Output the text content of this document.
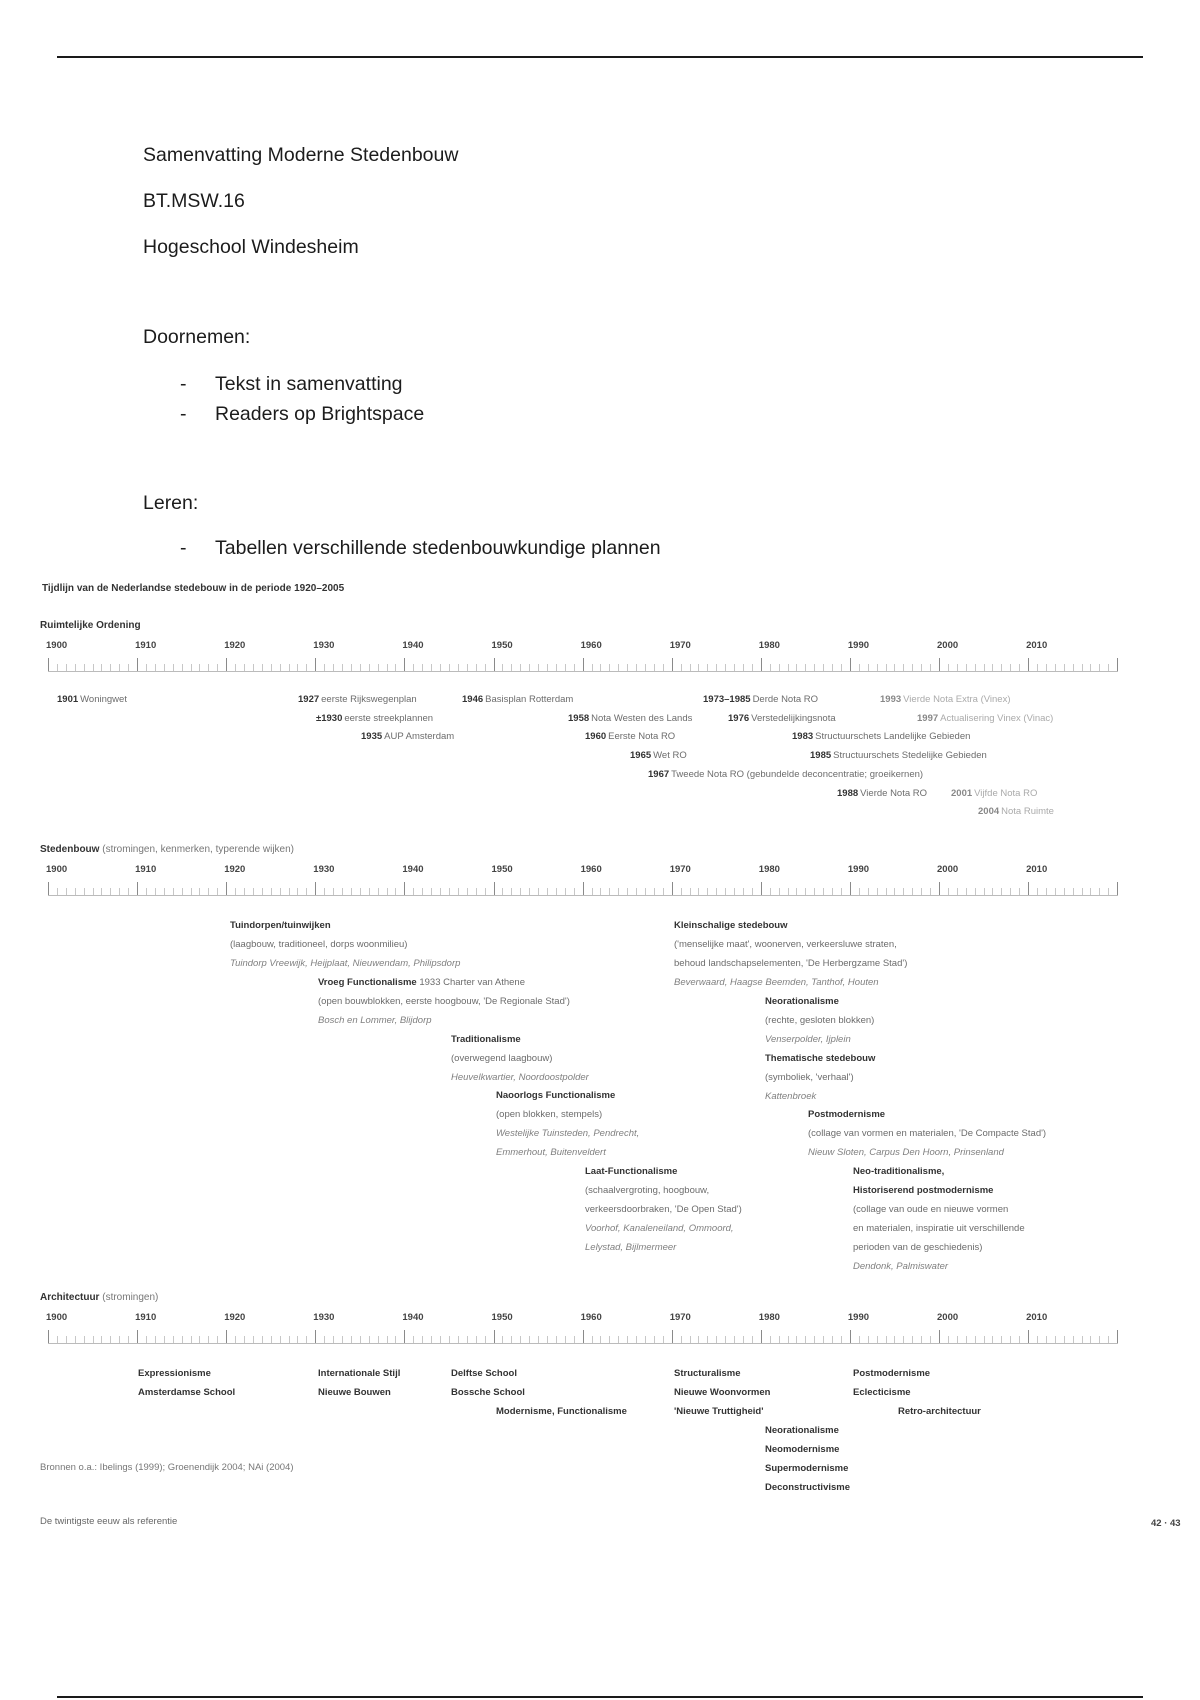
Samenvatting Moderne Stedenbouw

BT.MSW.16

Hogeschool Windesheim

Doornemen:

- Tekst in samenvatting
- Readers op Brightspace

Leren:

- Tabellen verschillende stedenbouwkundige plannen
Tijdlijn van de Nederlandse stedebouw in de periode 1920–2005
Ruimtelijke Ordening
1900	1910	1920	1930	1940	1950	1960	1970	1980	1990	2000	2010
1901 Woningwet	1927 eerste Rijkswegenplan
±1930 eerste streekplannen
1935 AUP Amsterdam
1946 Basisplan Rotterdam
1958 Nota Westen des Lands
1960 Eerste Nota RO
1965 Wet RO
1967 Tweede Nota RO (gebundelde deconcentratie; groeikernen)
1973–1985 Derde Nota RO
1976 Verstedelijkingsnota
1983 Structuurschets Landelijke Gebieden
1985 Structuurschets Stedelijke Gebieden
1988 Vierde Nota RO
1993 Vierde Nota Extra (Vinex)
1997 Actualisering Vinex (Vinac)
2001 Vijfde Nota RO
2004 Nota Ruimte
Stedenbouw (stromingen, kenmerken, typerende wijken)
1900	1910	1920	1930	1940	1950	1960	1970	1980	1990	2000	2010
Tuindorpen/tuinwijken
(laagbouw, traditioneel, dorps woonmilieu)
Tuindorp Vreewijk, Heijplaat, Nieuwendam, Philipsdorp
Vroeg Functionalisme 1933 Charter van Athene
(open bouwblokken, eerste hoogbouw, 'De Regionale Stad')
Bosch en Lommer, Blijdorp
Traditionalisme
(overwegend laagbouw)
Heuvelkwartier, Noordoostpolder
Naoorlogs Functionalisme
(open blokken, stempels)
Westelijke Tuinsteden, Pendrecht,
Emmerhout, Buitenveldert
Laat-Functionalisme
(schaalvergroting, hoogbouw,
verkeersdoorbraken, 'De Open Stad')
Voorhof, Kanaleneiland, Ommoord,
Lelystad, Bijlmermeer
Kleinschalige stedebouw
('menselijke maat', woonerven, verkeersluwe straten,
behoud landschapselementen, 'De Herbergzame Stad')
Beverwaard, Haagse Beemden, Tanthof, Houten
Neorationalisme
(rechte, gesloten blokken)
Venserpolder, Ijplein
Thematische stedebouw
(symboliek, 'verhaal')
Kattenbroek
Postmodernisme
(collage van vormen en materialen, 'De Compacte Stad')
Nieuw Sloten, Carpus Den Hoorn, Prinsenland
Neo-traditionalisme,
Historiserend postmodernisme
(collage van oude en nieuwe vormen
en materialen, inspiratie uit verschillende
perioden van de geschiedenis)
Dendonk, Palmiswater
Architectuur (stromingen)
1900	1910	1920	1930	1940	1950	1960	1970	1980	1990	2000	2010
Expressionisme
Amsterdamse School
Internationale Stijl
Nieuwe Bouwen
Delftse School
Bossche School
Modernisme, Functionalisme
Structuralisme
Nieuwe Woonvormen
'Nieuwe Truttigheid'
Neorationalisme
Neomodernisme
Supermodernisme
Deconstructivisme
Postmodernisme
Eclecticisme
Retro-architectuur
Bronnen o.a.: Ibelings (1999); Groenendijk 2004; NAi (2004)
De twintigste eeuw als referentie	42 · 43
